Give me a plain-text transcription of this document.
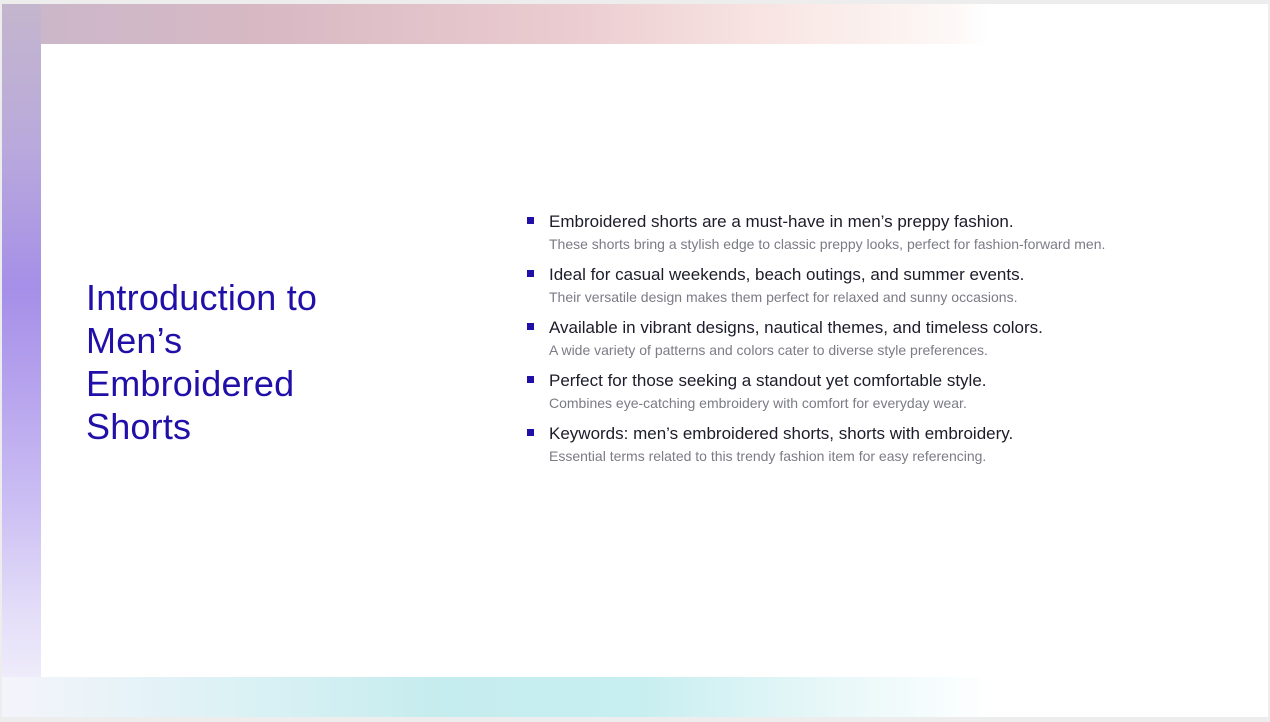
Introduction to Men’s Embroidered Shorts
Embroidered shorts are a must-have in men’s preppy fashion.
These shorts bring a stylish edge to classic preppy looks, perfect for fashion-forward men.
Ideal for casual weekends, beach outings, and summer events.
Their versatile design makes them perfect for relaxed and sunny occasions.
Available in vibrant designs, nautical themes, and timeless colors.
A wide variety of patterns and colors cater to diverse style preferences.
Perfect for those seeking a standout yet comfortable style.
Combines eye-catching embroidery with comfort for everyday wear.
Keywords: men’s embroidered shorts, shorts with embroidery.
Essential terms related to this trendy fashion item for easy referencing.
